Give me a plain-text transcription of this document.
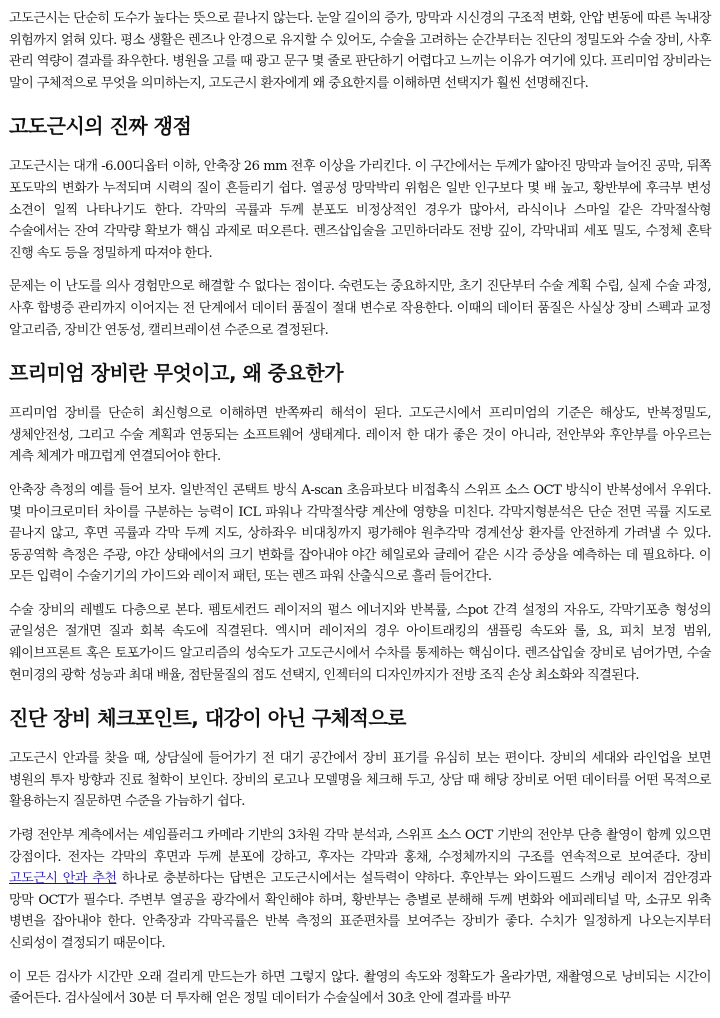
고도근시는 단순히 도수가 높다는 뜻으로 끝나지 않는다. 눈알 길이의 증가, 망막과 시신경의 구조적 변화, 안압 변동에 따른 녹내장 위험까지 얽혀 있다. 평소 생활은 렌즈나 안경으로 유지할 수 있어도, 수술을 고려하는 순간부터는 진단의 정밀도와 수술 장비, 사후 관리 역량이 결과를 좌우한다. 병원을 고를 때 광고 문구 몇 줄로 판단하기 어렵다고 느끼는 이유가 여기에 있다. 프리미엄 장비라는 말이 구체적으로 무엇을 의미하는지, 고도근시 환자에게 왜 중요한지를 이해하면 선택지가 훨씬 선명해진다.

고도근시의 진짜 쟁점

고도근시는 대개 -6.00디옵터 이하, 안축장 26 mm 전후 이상을 가리킨다. 이 구간에서는 두께가 얇아진 망막과 늘어진 공막, 뒤쪽 포도막의 변화가 누적되며 시력의 질이 흔들리기 쉽다. 열공성 망막박리 위험은 일반 인구보다 몇 배 높고, 황반부에 후극부 변성 소견이 일찍 나타나기도 한다. 각막의 곡률과 두께 분포도 비정상적인 경우가 많아서, 라식이나 스마일 같은 각막절삭형 수술에서는 잔여 각막량 확보가 핵심 과제로 떠오른다. 렌즈삽입술을 고민하더라도 전방 깊이, 각막내피 세포 밀도, 수정체 혼탁 진행 속도 등을 정밀하게 따져야 한다.

문제는 이 난도를 의사 경험만으로 해결할 수 없다는 점이다. 숙련도는 중요하지만, 초기 진단부터 수술 계획 수립, 실제 수술 과정, 사후 합병증 관리까지 이어지는 전 단계에서 데이터 품질이 절대 변수로 작용한다. 이때의 데이터 품질은 사실상 장비 스펙과 교정 알고리즘, 장비간 연동성, 캘리브레이션 수준으로 결정된다.

프리미엄 장비란 무엇이고, 왜 중요한가

프리미엄 장비를 단순히 최신형으로 이해하면 반쪽짜리 해석이 된다. 고도근시에서 프리미엄의 기준은 해상도, 반복정밀도, 생체안전성, 그리고 수술 계획과 연동되는 소프트웨어 생태계다. 레이저 한 대가 좋은 것이 아니라, 전안부와 후안부를 아우르는 계측 체계가 매끄럽게 연결되어야 한다.

안축장 측정의 예를 들어 보자. 일반적인 콘택트 방식 A-scan 초음파보다 비접촉식 스위프 소스 OCT 방식이 반복성에서 우위다. 몇 마이크로미터 차이를 구분하는 능력이 ICL 파워나 각막절삭량 계산에 영향을 미친다. 각막지형분석은 단순 전면 곡률 지도로 끝나지 않고, 후면 곡률과 각막 두께 지도, 상하좌우 비대칭까지 평가해야 원추각막 경계선상 환자를 안전하게 가려낼 수 있다. 동공역학 측정은 주광, 야간 상태에서의 크기 변화를 잡아내야 야간 헤일로와 글레어 같은 시각 증상을 예측하는 데 필요하다. 이 모든 입력이 수술기기의 가이드와 레이저 패턴, 또는 렌즈 파워 산출식으로 흘러 들어간다.

수술 장비의 레벨도 다층으로 본다. 펨토세컨드 레이저의 펄스 에너지와 반복률, 스pot 간격 설정의 자유도, 각막기포층 형성의 균일성은 절개면 질과 회복 속도에 직결된다. 엑시머 레이저의 경우 아이트래킹의 샘플링 속도와 롤, 요, 피치 보정 범위, 웨이브프론트 혹은 토포가이드 알고리즘의 성숙도가 고도근시에서 수차를 통제하는 핵심이다. 렌즈삽입술 장비로 넘어가면, 수술 현미경의 광학 성능과 최대 배율, 점탄물질의 점도 선택지, 인젝터의 디자인까지가 전방 조직 손상 최소화와 직결된다.

진단 장비 체크포인트, 대강이 아닌 구체적으로

고도근시 안과를 찾을 때, 상담실에 들어가기 전 대기 공간에서 장비 표기를 유심히 보는 편이다. 장비의 세대와 라인업을 보면 병원의 투자 방향과 진료 철학이 보인다. 장비의 로고나 모델명을 체크해 두고, 상담 때 해당 장비로 어떤 데이터를 어떤 목적으로 활용하는지 질문하면 수준을 가늠하기 쉽다.

가령 전안부 계측에서는 셰임플러그 카메라 기반의 3차원 각막 분석과, 스위프 소스 OCT 기반의 전안부 단층 촬영이 함께 있으면 강점이다. 전자는 각막의 후면과 두께 분포에 강하고, 후자는 각막과 홍채, 수정체까지의 구조를 연속적으로 보여준다. 장비 고도근시 안과 추천 하나로 충분하다는 답변은 고도근시에서는 설득력이 약하다. 후안부는 와이드필드 스캐닝 레이저 검안경과 망막 OCT가 필수다. 주변부 열공을 광각에서 확인해야 하며, 황반부는 층별로 분해해 두께 변화와 에피레티널 막, 소규모 위축 병변을 잡아내야 한다. 안축장과 각막곡률은 반복 측정의 표준편차를 보여주는 장비가 좋다. 수치가 일정하게 나오는지부터 신뢰성이 결정되기 때문이다.

이 모든 검사가 시간만 오래 걸리게 만드는가 하면 그렇지 않다. 촬영의 속도와 정확도가 올라가면, 재촬영으로 낭비되는 시간이 줄어든다. 검사실에서 30분 더 투자해 얻은 정밀 데이터가 수술실에서 30초 안에 결과를 바꾸
